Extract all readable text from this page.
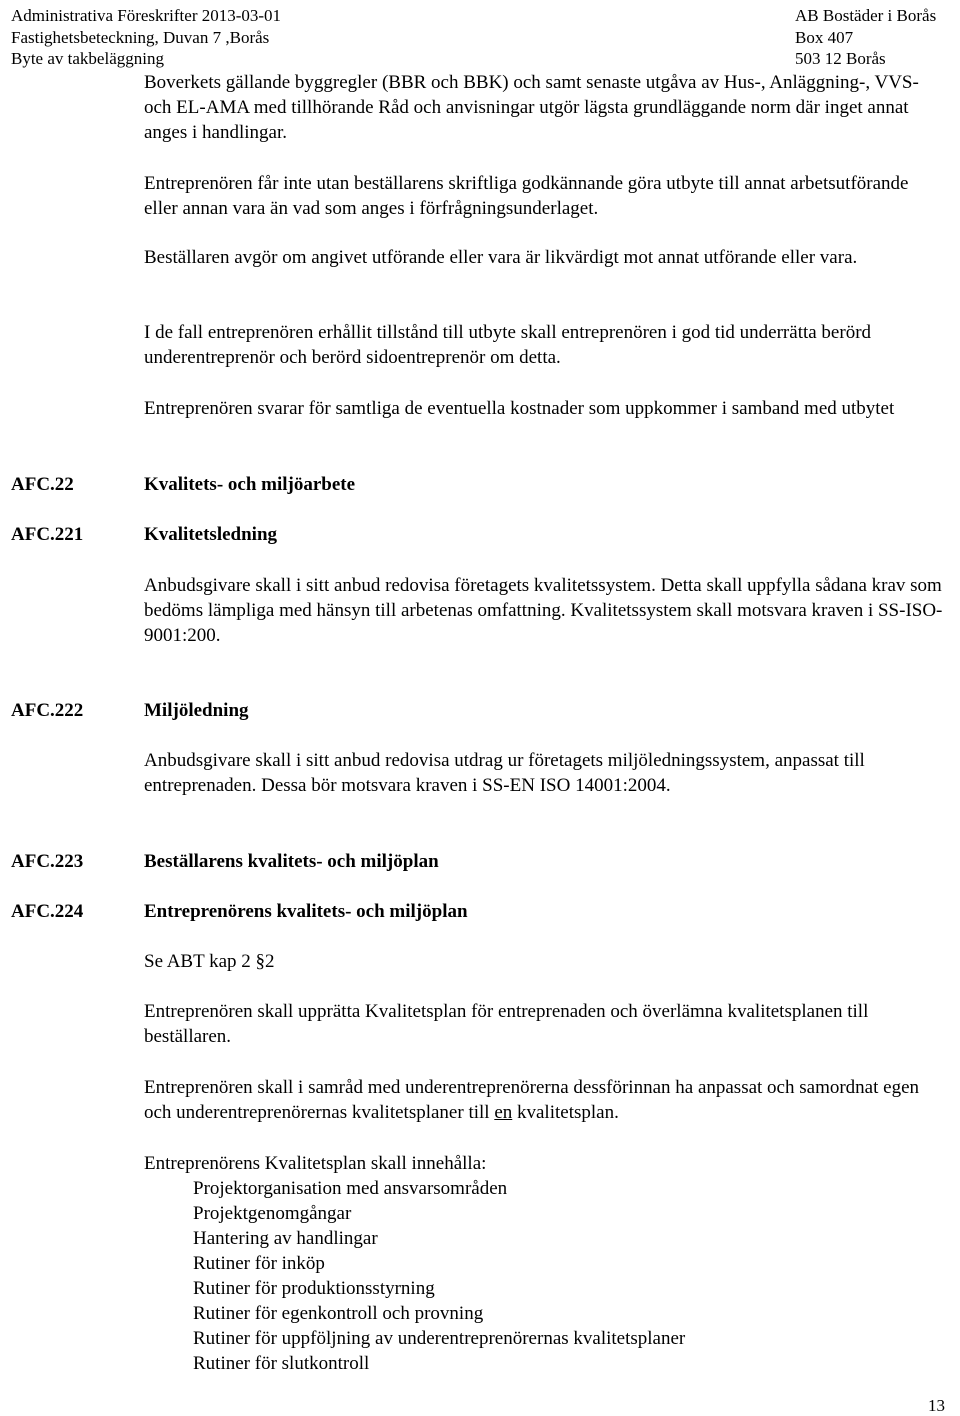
Administrativa Föreskrifter 2013-03-01
Fastighetsbeteckning, Duvan 7 ,Borås
Byte av takbeläggning
AB Bostäder i Borås
Box 407
503 12 Borås

Boverkets gällande byggregler (BBR och BBK) och samt senaste utgåva av Hus-, Anläggning-, VVS- och EL-AMA med tillhörande Råd och anvisningar utgör lägsta grundläggande norm där inget annat anges i handlingar.

Entreprenören får inte utan beställarens skriftliga godkännande göra utbyte till annat arbetsutförande eller annan vara än vad som anges i förfrågningsunderlaget.

Beställaren avgör om angivet utförande eller vara är likvärdigt mot annat utförande eller vara.

I de fall entreprenören erhållit tillstånd till utbyte skall entreprenören i god tid underrätta berörd underentreprenör och berörd sidoentreprenör om detta.

Entreprenören svarar för samtliga de eventuella kostnader som uppkommer i samband med utbytet

AFC.22	Kvalitets- och miljöarbete
AFC.221	Kvalitetsledning

Anbudsgivare skall i sitt anbud redovisa företagets kvalitetssystem. Detta skall uppfylla sådana krav som bedöms lämpliga med hänsyn till arbetenas omfattning. Kvalitetssystem skall motsvara kraven i SS-ISO-9001:200.

AFC.222	Miljöledning

Anbudsgivare skall i sitt anbud redovisa utdrag ur företagets miljöledningssystem, anpassat till entreprenaden. Dessa bör motsvara kraven i SS-EN ISO 14001:2004.

AFC.223	Beställarens kvalitets- och miljöplan
AFC.224	Entreprenörens kvalitets- och miljöplan

Se ABT kap 2 §2

Entreprenören skall upprätta Kvalitetsplan för entreprenaden och överlämna kvalitetsplanen till beställaren.

Entreprenören skall i samråd med underentreprenörerna dessförinnan ha anpassat och samordnat egen och underentreprenörernas kvalitetsplaner till en kvalitetsplan.

Entreprenörens Kvalitetsplan skall innehålla:

Projektorganisation med ansvarsområden
Projektgenomgångar
Hantering av handlingar
Rutiner för inköp
Rutiner för produktionsstyrning
Rutiner för egenkontroll och provning
Rutiner för uppföljning av underentreprenörernas kvalitetsplaner
Rutiner för slutkontroll
13
